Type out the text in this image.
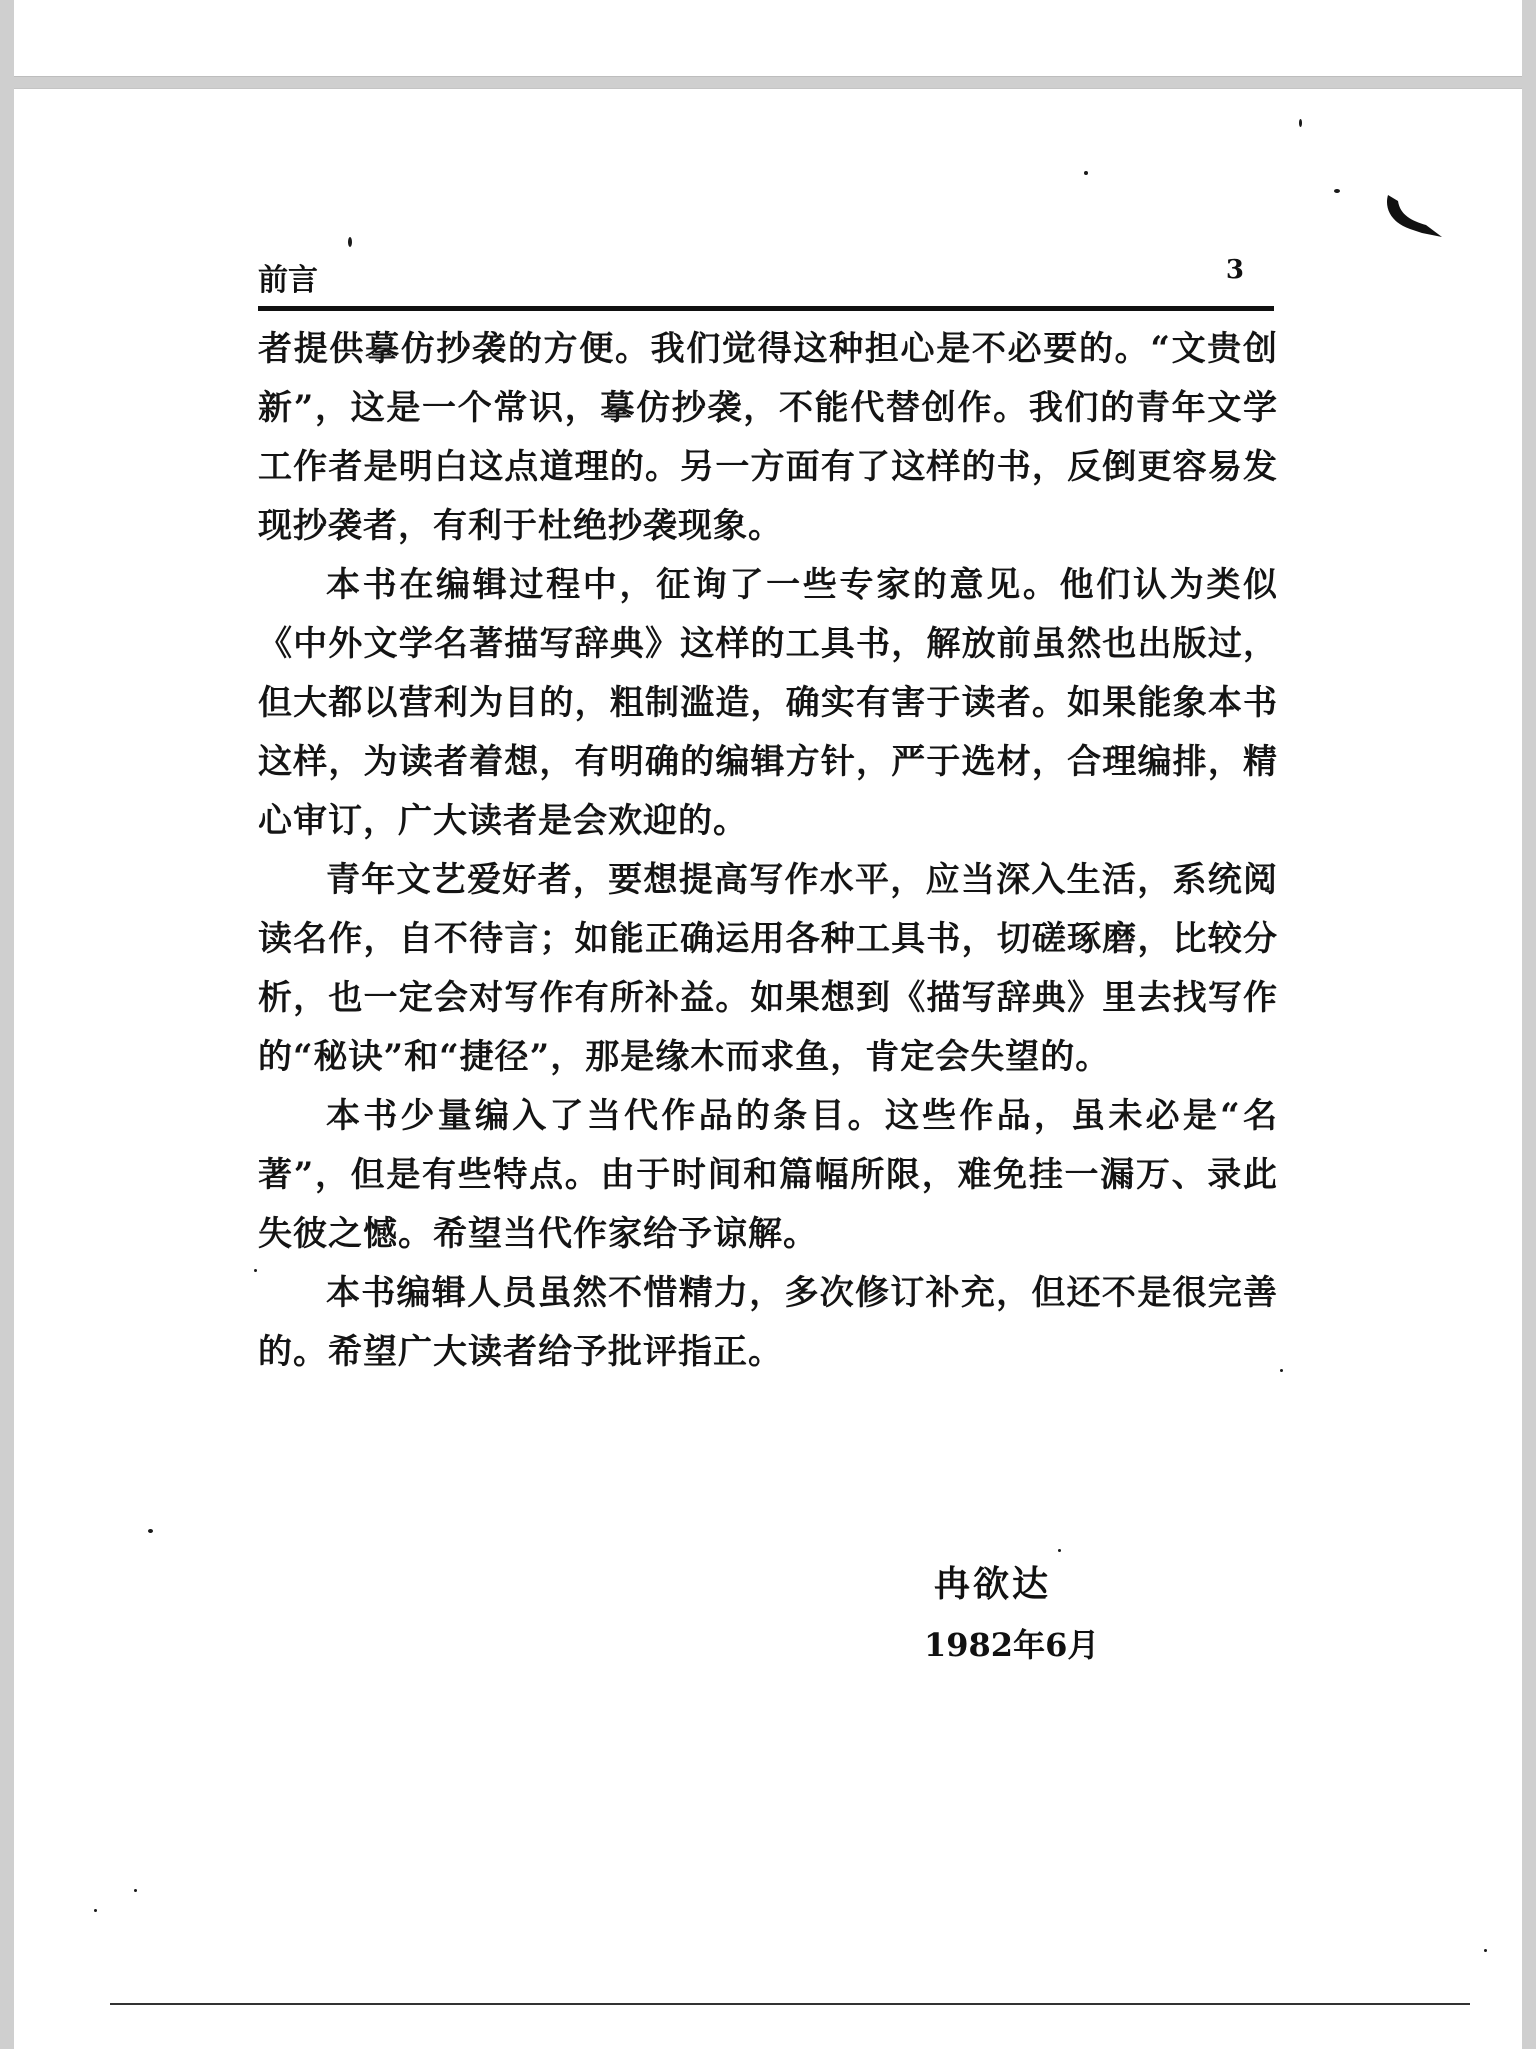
前言	3

者提供摹仿抄袭的方便。我们觉得这种担心是不必要的。“文贵创新”，这是一个常识，摹仿抄袭，不能代替创作。我们的青年文学工作者是明白这点道理的。另一方面有了这样的书，反倒更容易发现抄袭者，有利于杜绝抄袭现象。

本书在编辑过程中，征询了一些专家的意见。他们认为类似《中外文学名著描写辞典》这样的工具书，解放前虽然也出版过，但大都以营利为目的，粗制滥造，确实有害于读者。如果能象本书这样，为读者着想，有明确的编辑方针，严于选材，合理编排，精心审订，广大读者是会欢迎的。

青年文艺爱好者，要想提高写作水平，应当深入生活，系统阅读名作，自不待言；如能正确运用各种工具书，切磋琢磨，比较分析，也一定会对写作有所补益。如果想到《描写辞典》里去找写作的“秘诀”和“捷径”，那是缘木而求鱼，肯定会失望的。

本书少量编入了当代作品的条目。这些作品，虽未必是“名著”，但是有些特点。由于时间和篇幅所限，难免挂一漏万、录此失彼之憾。希望当代作家给予谅解。

本书编辑人员虽然不惜精力，多次修订补充，但还不是很完善的。希望广大读者给予批评指正。

冉欲达
1982年6月
